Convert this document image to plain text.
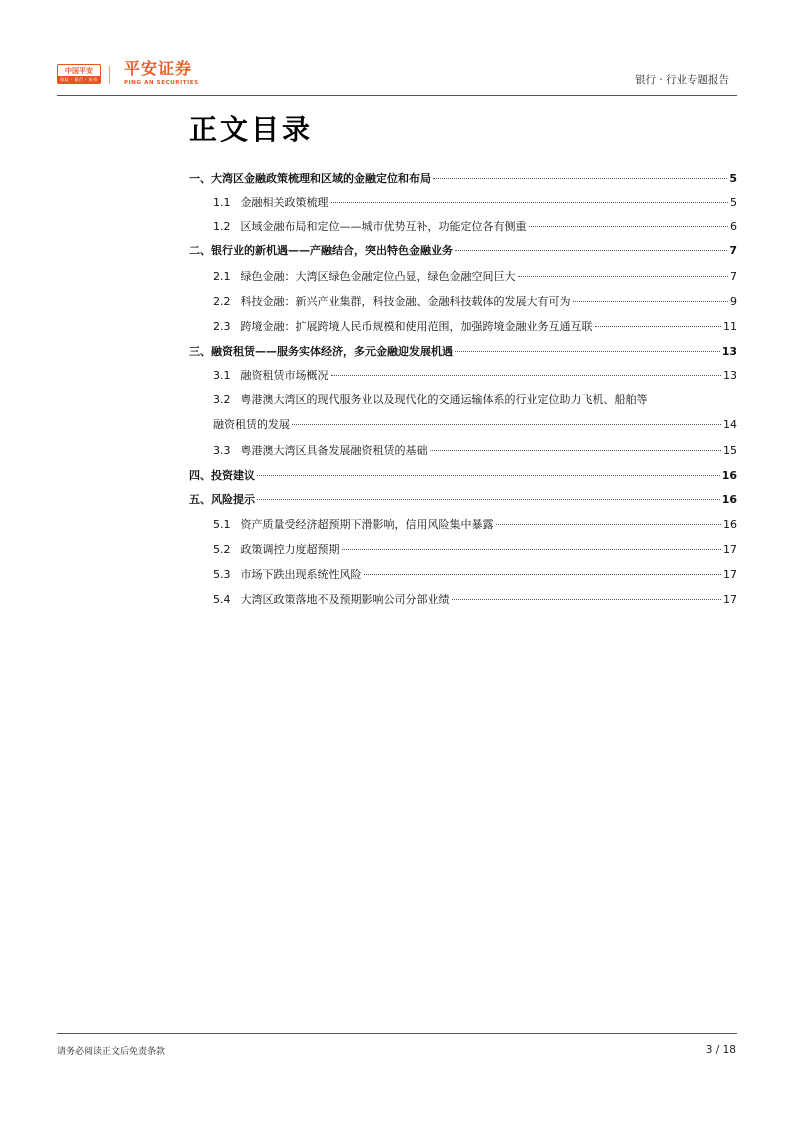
中国平安
保险 · 银行 · 投资
平安证券
PING AN SECURITIES	银行 · 行业专题报告
正文目录
一、大湾区金融政策梳理和区域的金融定位和布局	5
1.1 金融相关政策梳理	5
1.2 区域金融布局和定位——城市优势互补，功能定位各有侧重	6
二、银行业的新机遇——产融结合，突出特色金融业务	7
2.1 绿色金融：大湾区绿色金融定位凸显，绿色金融空间巨大	7
2.2 科技金融：新兴产业集群，科技金融、金融科技载体的发展大有可为	9
2.3 跨境金融：扩展跨境人民币规模和使用范围，加强跨境金融业务互通互联	11
三、融资租赁——服务实体经济，多元金融迎发展机遇	13
3.1 融资租赁市场概况	13
3.2 粤港澳大湾区的现代服务业以及现代化的交通运输体系的行业定位助力飞机、船舶等
融资租赁的发展	14
3.3 粤港澳大湾区具备发展融资租赁的基础	15
四、投资建议	16
五、风险提示	16
5.1 资产质量受经济超预期下滑影响，信用风险集中暴露	16
5.2 政策调控力度超预期	17
5.3 市场下跌出现系统性风险	17
5.4 大湾区政策落地不及预期影响公司分部业绩	17
请务必阅读正文后免责条款	3 / 18
